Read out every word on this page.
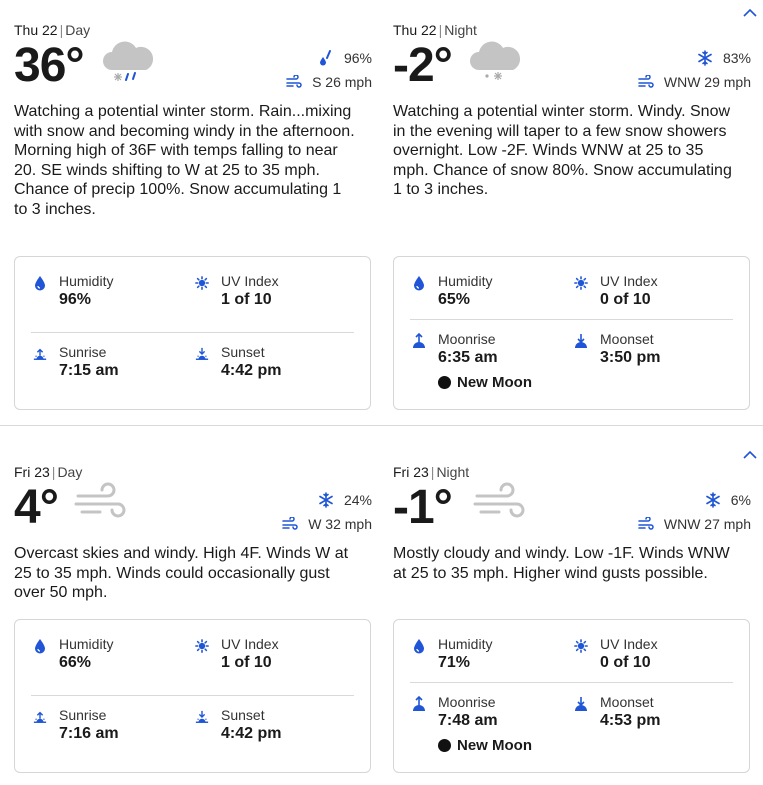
Thu 22 | Day
36°	96%
S 26 mph
Watching a potential winter storm. Rain...mixing with snow and becoming windy in the afternoon. Morning high of 36F with temps falling to near 20. SE winds shifting to W at 25 to 35 mph. Chance of precip 100%. Snow accumulating 1 to 3 inches.
Humidity
96%
UV Index
1 of 10
Sunrise
7:15 am
Sunset
4:42 pm
Thu 22 | Night
-2°	83%
WNW 29 mph
Watching a potential winter storm. Windy. Snow in the evening will taper to a few snow showers overnight. Low -2F. Winds WNW at 25 to 35 mph. Chance of snow 80%. Snow accumulating 1 to 3 inches.
Humidity
65%
UV Index
0 of 10
Moonrise
6:35 am
Moonset
3:50 pm
New Moon
Fri 23 | Day
4°	24%
W 32 mph
Overcast skies and windy. High 4F. Winds W at 25 to 35 mph. Winds could occasionally gust over 50 mph.
Humidity
66%
UV Index
1 of 10
Sunrise
7:16 am
Sunset
4:42 pm
Fri 23 | Night
-1°	6%
WNW 27 mph
Mostly cloudy and windy. Low -1F. Winds WNW at 25 to 35 mph. Higher wind gusts possible.
Humidity
71%
UV Index
0 of 10
Moonrise
7:48 am
Moonset
4:53 pm
New Moon
